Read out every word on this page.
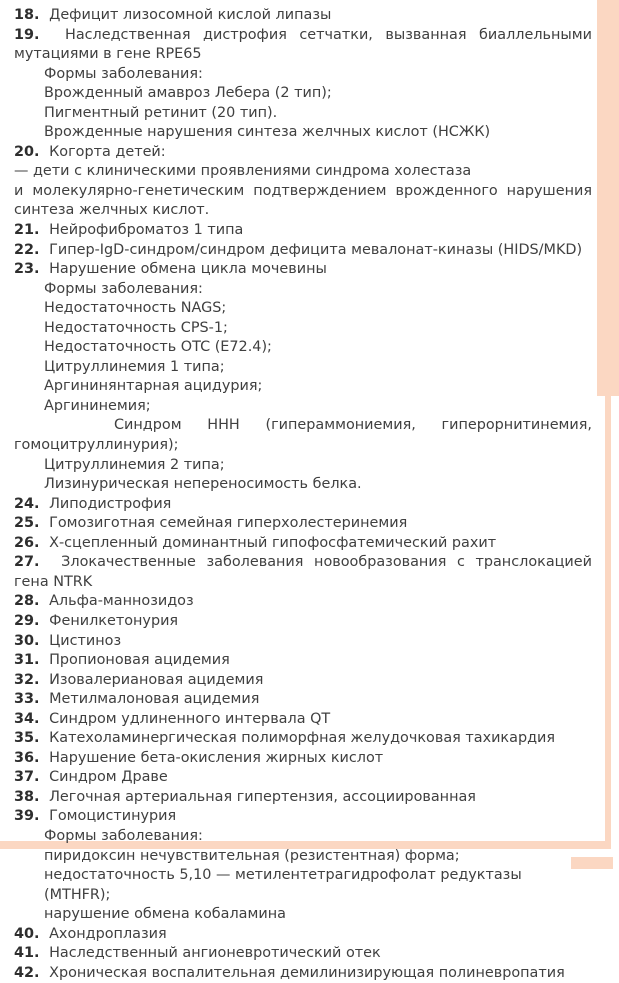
18.  Дефицит лизосомной кислой липазы

19.  Наследственная дистрофия сетчатки, вызванная биаллельными мутациями в гене RPE65

Формы заболевания:

Врожденный амавроз Лебера (2 тип);

Пигментный ретинит (20 тип).

Врожденные нарушения синтеза желчных кислот (НСЖК)

20.  Когорта детей:

— дети с клиническими проявлениями синдрома холестаза

и молекулярно-генетическим подтверждением врожденного нарушения синтеза желчных кислот.

21.  Нейрофиброматоз 1 типа

22.  Гипер-IgD-синдром/синдром дефицита мевалонат-киназы (HIDS/MKD)

23.  Нарушение обмена цикла мочевины

Формы заболевания:

Недостаточность NAGS;

Недостаточность CPS-1;

Недостаточность OTC (E72.4);

Цитруллинемия 1 типа;

Аргининянтарная ацидурия;

Аргининемия;

Синдром HHH (гипераммониемия, гиперорнитинемия, гомоцитруллинурия);

Цитруллинемия 2 типа;

Лизинурическая непереносимость белка.

24.  Липодистрофия

25.  Гомозиготная семейная гиперхолестеринемия

26.  Х-сцепленный доминантный гипофосфатемический рахит

27.  Злокачественные заболевания новообразования с транслокацией гена NTRK

28.  Альфа-маннозидоз

29.  Фенилкетонурия

30.  Цистиноз

31.  Пропионовая ацидемия

32.  Изовалериановая ацидемия

33.  Метилмалоновая ацидемия

34.  Синдром удлиненного интервала QT

35.  Катехоламинергическая полиморфная желудочковая тахикардия

36.  Нарушение бета-окисления жирных кислот

37.  Синдром Драве

38.  Легочная артериальная гипертензия, ассоциированная

39.  Гомоцистинурия

Формы заболевания:

пиридоксин нечувствительная (резистентная) форма;

недостаточность 5,10 — метилентетрагидрофолат редуктазы (MTHFR);

нарушение обмена кобаламина

40.  Ахондроплазия

41.  Наследственный ангионевротический отек

42.  Хроническая воспалительная демилинизирующая полиневропатия
